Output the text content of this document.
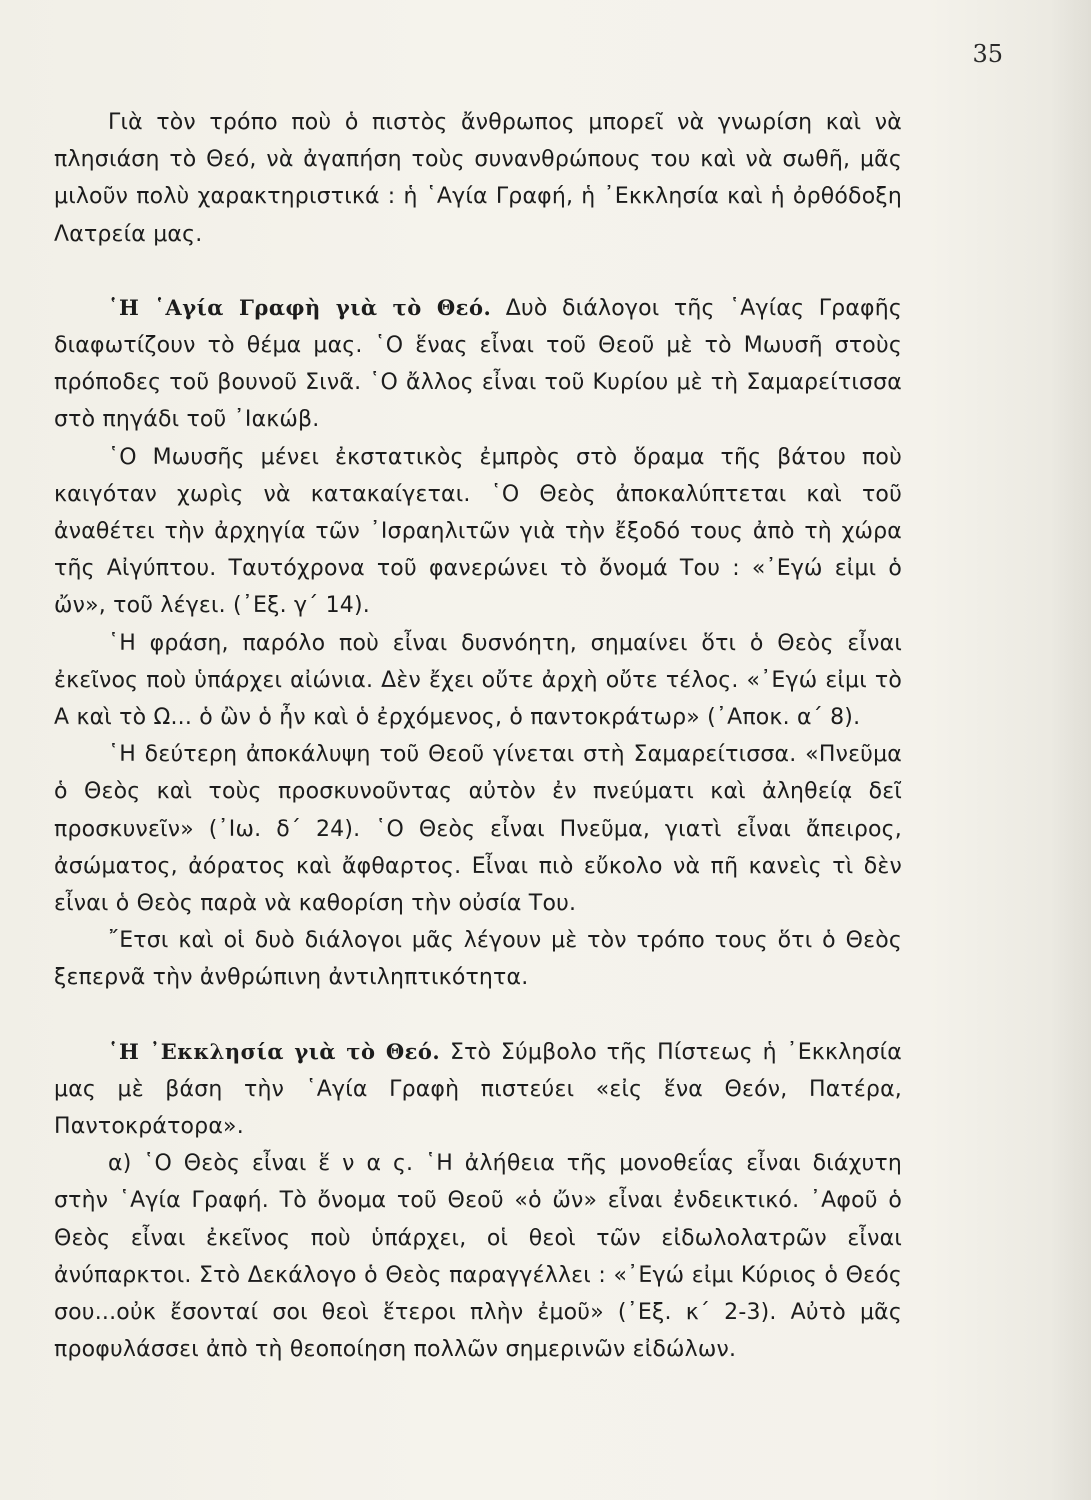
35

Γιὰ τὸν τρόπο ποὺ ὁ πιστὸς ἄνθρωπος μπορεῖ νὰ γνωρίση καὶ νὰ πλησιάση τὸ Θεό, νὰ ἀγαπήση τοὺς συνανθρώπους του καὶ νὰ σωθῆ, μᾶς μιλοῦν πολὺ χαρακτηριστικά : ἡ ῾Αγία Γραφή, ἡ ᾿Εκκλησία καὶ ἡ ὀρθόδοξη Λατρεία μας.

῾Η ῾Αγία Γραφὴ γιὰ τὸ Θεό. Δυὸ διάλογοι τῆς ῾Αγίας Γραφῆς διαφωτίζουν τὸ θέμα μας. ῾Ο ἕνας εἶναι τοῦ Θεοῦ μὲ τὸ Μωυσῆ στοὺς πρόποδες τοῦ βουνοῦ Σινᾶ. ῾Ο ἄλλος εἶναι τοῦ Κυρίου μὲ τὴ Σαμαρείτισσα στὸ πηγάδι τοῦ ᾿Ιακώβ.

῾Ο Μωυσῆς μένει ἐκστατικὸς ἐμπρὸς στὸ ὅραμα τῆς βάτου ποὺ καιγόταν χωρὶς νὰ κατακαίγεται. ῾Ο Θεὸς ἀποκαλύπτεται καὶ τοῦ ἀναθέτει τὴν ἀρχηγία τῶν ᾿Ισραηλιτῶν γιὰ τὴν ἔξοδό τους ἀπὸ τὴ χώρα τῆς Αἰγύπτου. Ταυτόχρονα τοῦ φανερώνει τὸ ὄνομά Του : «᾿Εγώ εἰμι ὁ ὤν», τοῦ λέγει. (᾿Εξ. γ΄ 14).

῾Η φράση, παρόλο ποὺ εἶναι δυσνόητη, σημαίνει ὅτι ὁ Θεὸς εἶναι ἐκεῖνος ποὺ ὑπάρχει αἰώνια. Δὲν ἔχει οὔτε ἀρχὴ οὔτε τέλος. «᾿Εγώ εἰμι τὸ Α καὶ τὸ Ω... ὁ ὢν ὁ ἦν καὶ ὁ ἐρχόμενος, ὁ παντοκράτωρ» (᾿Αποκ. α΄ 8).

῾Η δεύτερη ἀποκάλυψη τοῦ Θεοῦ γίνεται στὴ Σαμαρείτισσα. «Πνεῦμα ὁ Θεὸς καὶ τοὺς προσκυνοῦντας αὐτὸν ἐν πνεύματι καὶ ἀληθείᾳ δεῖ προσκυνεῖν» (᾿Ιω. δ΄ 24). ῾Ο Θεὸς εἶναι Πνεῦμα, γιατὶ εἶναι ἄπειρος, ἀσώματος, ἀόρατος καὶ ἄφθαρτος. Εἶναι πιὸ εὔκολο νὰ πῆ κανεὶς τὶ δὲν εἶναι ὁ Θεὸς παρὰ νὰ καθορίση τὴν οὐσία Του.

῎Ετσι καὶ οἱ δυὸ διάλογοι μᾶς λέγουν μὲ τὸν τρόπο τους ὅτι ὁ Θεὸς ξεπερνᾶ τὴν ἀνθρώπινη ἀντιληπτικότητα.

῾Η ᾿Εκκλησία γιὰ τὸ Θεό. Στὸ Σύμβολο τῆς Πίστεως ἡ ᾿Εκκλησία μας μὲ βάση τὴν ῾Αγία Γραφὴ πιστεύει «εἰς ἕνα Θεόν, Πατέρα, Παντοκράτορα».

α) ῾Ο Θεὸς εἶναι ἕ ν α ς. ῾Η ἀλήθεια τῆς μονοθεΐας εἶναι διάχυτη στὴν ῾Αγία Γραφή. Τὸ ὄνομα τοῦ Θεοῦ «ὁ ὤν» εἶναι ἐνδεικτικό. ᾿Αφοῦ ὁ Θεὸς εἶναι ἐκεῖνος ποὺ ὑπάρχει, οἱ θεοὶ τῶν εἰδωλολατρῶν εἶναι ἀνύπαρκτοι. Στὸ Δεκάλογο ὁ Θεὸς παραγγέλλει : «᾿Εγώ εἰμι Κύριος ὁ Θεός σου...οὐκ ἔσονταί σοι θεοὶ ἕτεροι πλὴν ἐμοῦ» (᾿Εξ. κ΄ 2-3). Αὐτὸ μᾶς προφυλάσσει ἀπὸ τὴ θεοποίηση πολλῶν σημερινῶν εἰδώλων.
